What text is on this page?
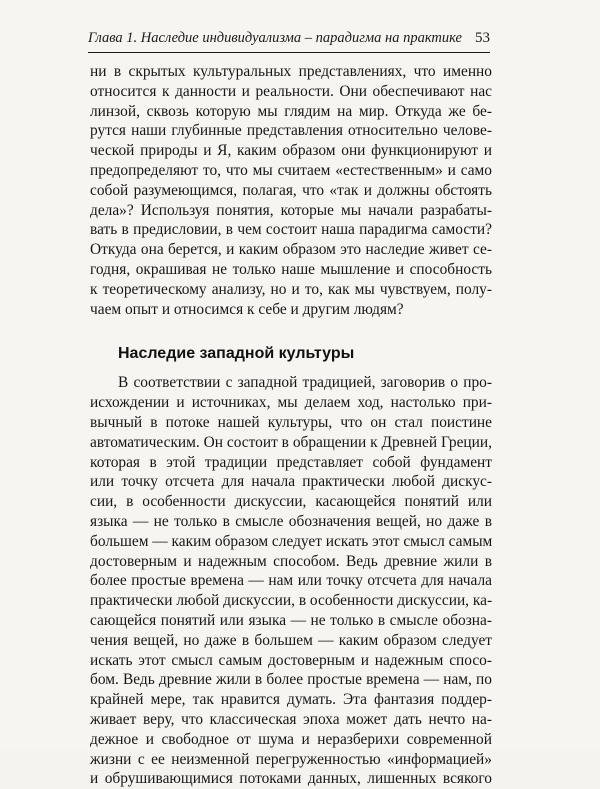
Глава 1. Наследие индивидуализма – парадигма на практике 53
ни в скрытых культуральных представлениях, что именно
относится к данности и реальности. Они обеспечивают нас
линзой, сквозь которую мы глядим на мир. Откуда же бе-
рутся наши глубинные представления относительно челове-
ческой природы и Я, каким образом они функционируют и
предопределяют то, что мы считаем «естественным» и само
собой разумеющимся, полагая, что «так и должны обстоять
дела»? Используя понятия, которые мы начали разрабаты-
вать в предисловии, в чем состоит наша парадигма самости?
Откуда она берется, и каким образом это наследие живет се-
годня, окрашивая не только наше мышление и способность
к теоретическому анализу, но и то, как мы чувствуем, полу-
чаем опыт и относимся к себе и другим людям?
Наследие западной культуры
В соответствии с западной традицией, заговорив о про-
исхождении и источниках, мы делаем ход, настолько при-
вычный в потоке нашей культуры, что он стал поистине
автоматическим. Он состоит в обращении к Древней Греции,
которая в этой традиции представляет собой фундамент
или точку отсчета для начала практически любой дискус-
сии, в особенности дискуссии, касающейся понятий или
языка — не только в смысле обозначения вещей, но даже в
большем — каким образом следует искать этот смысл самым
достоверным и надежным способом. Ведь древние жили в
более простые времена — нам или точку отсчета для начала
практически любой дискуссии, в особенности дискуссии, ка-
сающейся понятий или языка — не только в смысле обозна-
чения вещей, но даже в большем — каким образом следует
искать этот смысл самым достоверным и надежным спосо-
бом. Ведь древние жили в более простые времена — нам, по
крайней мере, так нравится думать. Эта фантазия поддер-
живает веру, что классическая эпоха может дать нечто на-
дежное и свободное от шума и неразберихи современной
жизни с ее неизменной перегруженностью «информацией»
и обрушивающимися потоками данных, лишенных всякого
